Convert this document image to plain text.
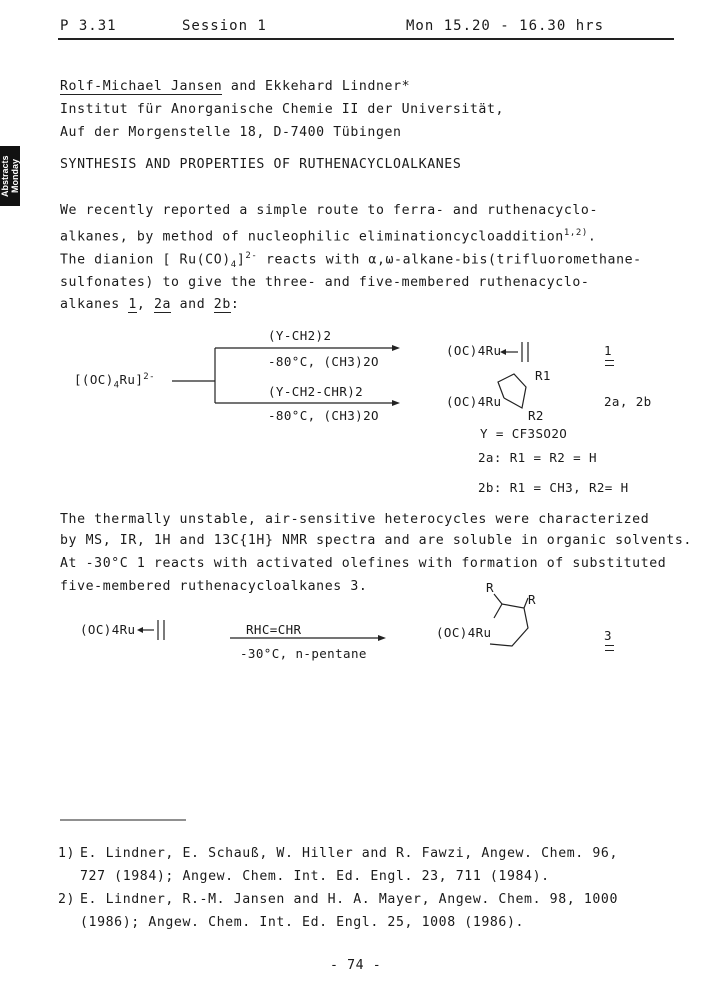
P 3.31	Session 1	Mon 15.20 - 16.30 hrs
Abstracts
Monday
Rolf-Michael Jansen and Ekkehard Lindner*
Institut für Anorganische Chemie II der Universität,
Auf der Morgenstelle 18, D-7400 Tübingen
SYNTHESIS AND PROPERTIES OF RUTHENACYCLOALKANES
We recently reported a simple route to ferra- and ruthenacyclo-
alkanes, by method of nucleophilic eliminationcycloaddition$^{1,2)}$.
The dianion [ $Ru(CO)_4]^{2-}$ reacts with α,ω-alkane-bis(trifluoromethane-
sulfonates) to give the three- and five-membered ruthenacyclo-
alkanes 1, 2a and 2b:
$[(OC)_4Ru]^{2-}$
(Y-CH2)2
-80°C, (CH3)2O
(Y-CH2-CHR)2
-80°C, (CH3)2O
(OC)4Ru	1
(OC)4Ru
R1
R2
2a, 2b
Y = CF3SO2O
2a: R1 = R2 = H
2b: R1 = CH3, R2= H
The thermally unstable, air-sensitive heterocycles were characterized
by MS, IR, 1H and 13C{1H} NMR spectra and are soluble in organic solvents.
At -30°C 1 reacts with activated olefines with formation of substituted
five-membered ruthenacycloalkanes 3.
(OC)4Ru	RHC=CHR
-30°C, n-pentane
(OC)4Ru
R
R
3
1) E. Lindner, E. Schauß, W. Hiller and R. Fawzi, Angew. Chem. 96,
727 (1984); Angew. Chem. Int. Ed. Engl. 23, 711 (1984).
2) E. Lindner, R.-M. Jansen and H. A. Mayer, Angew. Chem. 98, 1000
(1986); Angew. Chem. Int. Ed. Engl. 25, 1008 (1986).
- 74 -
